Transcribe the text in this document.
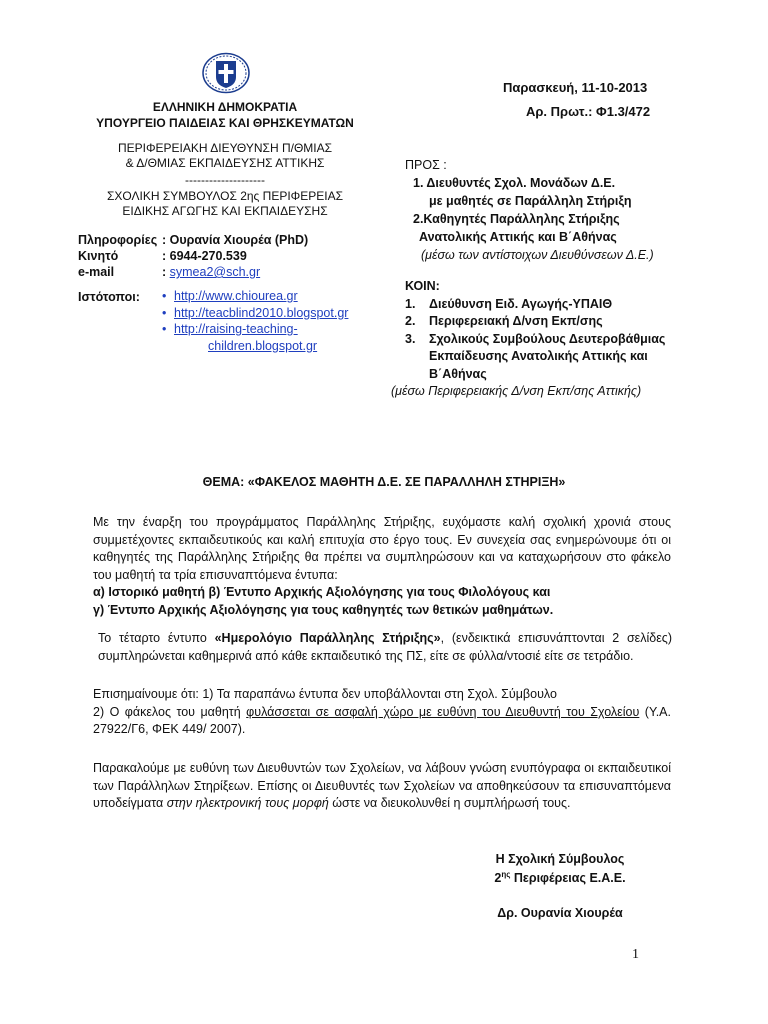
ΕΛΛΗΝΙΚΗ ΔΗΜΟΚΡΑΤΙΑ
ΥΠΟΥΡΓΕΙΟ ΠΑΙΔΕΙΑΣ ΚΑΙ ΘΡΗΣΚΕΥΜΑΤΩΝ
ΠΕΡΙΦΕΡΕΙΑΚΗ ΔΙΕΥΘΥΝΣΗ Π/ΘΜΙΑΣ
& Δ/ΘΜΙΑΣ ΕΚΠΑΙΔΕΥΣΗΣ ΑΤΤΙΚΗΣ
--------------------
ΣΧΟΛΙΚΗ ΣΥΜΒΟΥΛΟΣ 2ης ΠΕΡΙΦΕΡΕΙΑΣ
ΕΙΔΙΚΗΣ ΑΓΩΓΗΣ ΚΑΙ ΕΚΠΑΙΔΕΥΣΗΣ
Πληροφορίες : Ουρανία Χιουρέα (PhD)
Κινητό	: 6944-270.539
e-mail	: symea2@sch.gr
Ιστότοποι: • http://www.chiourea.gr
• http://teacblind2010.blogspot.gr
• http://raising-teaching-
children.blogspot.gr
Παρασκευή, 11-10-2013
Αρ. Πρωτ.: Φ1.3/472
ΠΡΟΣ :
1. Διευθυντές Σχολ. Μονάδων Δ.Ε.
με μαθητές σε Παράλληλη Στήριξη
2.Καθηγητές Παράλληλης Στήριξης
Ανατολικής Αττικής και Β΄Αθήνας
(μέσω των αντίστοιχων Διευθύνσεων Δ.Ε.)
ΚΟΙΝ:
1. Διεύθυνση Ειδ. Αγωγής-ΥΠΑΙΘ
2. Περιφερειακή Δ/νση Εκπ/σης
3. Σχολικούς Συμβούλους Δευτεροβάθμιας
Εκπαίδευσης Ανατολικής Αττικής και
Β΄Αθήνας
(μέσω Περιφερειακής Δ/νση Εκπ/σης Αττικής)
ΘΕΜΑ: «ΦΑΚΕΛΟΣ ΜΑΘΗΤΗ Δ.Ε. ΣΕ ΠΑΡΑΛΛΗΛΗ ΣΤΗΡΙΞΗ»
Με την έναρξη του προγράμματος Παράλληλης Στήριξης, ευχόμαστε καλή σχολική χρονιά στους συμμετέχοντες εκπαιδευτικούς και καλή επιτυχία στο έργο τους. Εν συνεχεία σας ενημερώνουμε ότι οι καθηγητές της Παράλληλης Στήριξης θα πρέπει να συμπληρώσουν και να καταχωρήσουν στο φάκελο του μαθητή τα τρία επισυναπτόμενα έντυπα:
α) Ιστορικό μαθητή β) Έντυπο Αρχικής Αξιολόγησης για τους Φιλολόγους και
γ) Έντυπο Αρχικής Αξιολόγησης για τους καθηγητές των θετικών μαθημάτων.
Το τέταρτο έντυπο «Ημερολόγιο Παράλληλης Στήριξης», (ενδεικτικά επισυνάπτονται 2 σελίδες) συμπληρώνεται καθημερινά από κάθε εκπαιδευτικό της ΠΣ, είτε σε φύλλα/ντοσιέ είτε σε τετράδιο.
Επισημαίνουμε ότι: 1) Τα παραπάνω έντυπα δεν υποβάλλονται στη Σχολ. Σύμβουλο
2) Ο φάκελος του μαθητή φυλάσσεται σε ασφαλή χώρο με ευθύνη του Διευθυντή του Σχολείου (Υ.Α. 27922/Γ6, ΦΕΚ 449/ 2007).
Παρακαλούμε με ευθύνη των Διευθυντών των Σχολείων, να λάβουν γνώση ενυπόγραφα οι εκπαιδευτικοί των Παράλληλων Στηρίξεων. Επίσης οι Διευθυντές των Σχολείων να αποθηκεύσουν τα επισυναπτόμενα υποδείγματα στην ηλεκτρονική τους μορφή ώστε να διευκολυνθεί η συμπλήρωσή τους.
Η Σχολική Σύμβουλος
$2^{\eta\varsigma}$ Περιφέρειας Ε.Α.Ε.
Δρ. Ουρανία Χιουρέα
1
